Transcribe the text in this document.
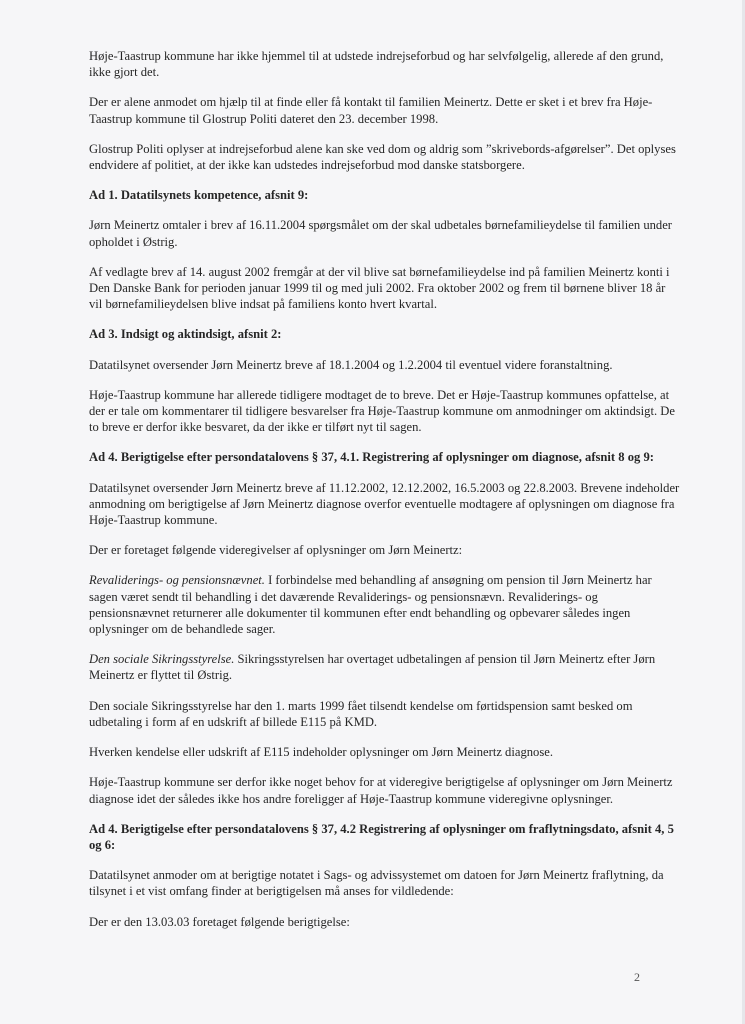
Høje-Taastrup kommune har ikke hjemmel til at udstede indrejseforbud og har selvfølgelig, allerede af den grund, ikke gjort det.

Der er alene anmodet om hjælp til at finde eller få kontakt til familien Meinertz. Dette er sket i et brev fra Høje-Taastrup kommune til Glostrup Politi dateret den 23. december 1998.

Glostrup Politi oplyser at indrejseforbud alene kan ske ved dom og aldrig som ”skrivebords-afgørelser”. Det oplyses endvidere af politiet, at der ikke kan udstedes indrejseforbud mod danske statsborgere.

Ad 1. Datatilsynets kompetence, afsnit 9:

Jørn Meinertz omtaler i brev af 16.11.2004 spørgsmålet om der skal udbetales børnefamilieydelse til familien under opholdet i Østrig.

Af vedlagte brev af 14. august 2002 fremgår at der vil blive sat børnefamilieydelse ind på familien Meinertz konti i Den Danske Bank for perioden januar 1999 til og med juli 2002. Fra oktober 2002 og frem til børnene bliver 18 år vil børnefamilieydelsen blive indsat på familiens konto hvert kvartal.

Ad 3. Indsigt og aktindsigt, afsnit 2:

Datatilsynet oversender Jørn Meinertz breve af 18.1.2004 og 1.2.2004 til eventuel videre foranstaltning.

Høje-Taastrup kommune har allerede tidligere modtaget de to breve. Det er Høje-Taastrup kommunes opfattelse, at der er tale om kommentarer til tidligere besvarelser fra Høje-Taastrup kommune om anmodninger om aktindsigt. De to breve er derfor ikke besvaret, da der ikke er tilført nyt til sagen.

Ad 4. Berigtigelse efter persondatalovens § 37, 4.1. Registrering af oplysninger om diagnose, afsnit 8 og 9:

Datatilsynet oversender Jørn Meinertz breve af 11.12.2002, 12.12.2002, 16.5.2003 og 22.8.2003. Brevene indeholder anmodning om berigtigelse af Jørn Meinertz diagnose overfor eventuelle modtagere af oplysningen om diagnose fra Høje-Taastrup kommune.

Der er foretaget følgende videregivelser af oplysninger om Jørn Meinertz:

Revaliderings- og pensionsnævnet. I forbindelse med behandling af ansøgning om pension til Jørn Meinertz har sagen været sendt til behandling i det daværende Revaliderings- og pensionsnævn. Revaliderings- og pensionsnævnet returnerer alle dokumenter til kommunen efter endt behandling og opbevarer således ingen oplysninger om de behandlede sager.

Den sociale Sikringsstyrelse. Sikringsstyrelsen har overtaget udbetalingen af pension til Jørn Meinertz efter Jørn Meinertz er flyttet til Østrig.

Den sociale Sikringsstyrelse har den 1. marts 1999 fået tilsendt kendelse om førtidspension samt besked om udbetaling i form af en udskrift af billede E115 på KMD.

Hverken kendelse eller udskrift af E115 indeholder oplysninger om Jørn Meinertz diagnose.

Høje-Taastrup kommune ser derfor ikke noget behov for at videregive berigtigelse af oplysninger om Jørn Meinertz diagnose idet der således ikke hos andre foreligger af Høje-Taastrup kommune videregivne oplysninger.

Ad 4. Berigtigelse efter persondatalovens § 37, 4.2 Registrering af oplysninger om fraflytningsdato, afsnit 4, 5 og 6:

Datatilsynet anmoder om at berigtige notatet i Sags- og advissystemet om datoen for Jørn Meinertz fraflytning, da tilsynet i et vist omfang finder at berigtigelsen må anses for vildledende:

Der er den 13.03.03 foretaget følgende berigtigelse:

2
